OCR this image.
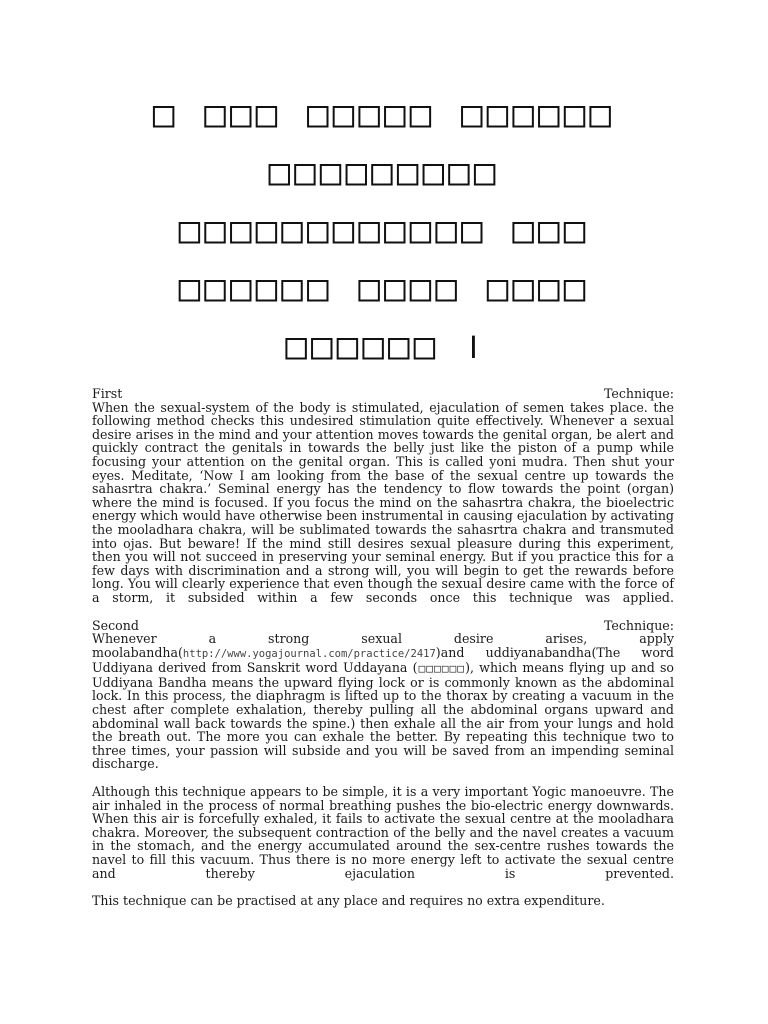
□ □□□ □□□□□ □□□□□□
□□□□□□□□□
□□□□□□□□□□□□ □□□
□□□□□□ □□□□ □□□□
□□□□□□ ।
First	Technique:

When the sexual-system of the body is stimulated, ejaculation of semen takes place. the following method checks this undesired stimulation quite effectively. Whenever a sexual desire arises in the mind and your attention moves towards the genital organ, be alert and quickly contract the genitals in towards the belly just like the piston of a pump while focusing your attention on the genital organ. This is called yoni mudra. Then shut your eyes. Meditate, ‘Now I am looking from the base of the sexual centre up towards the sahasrtra chakra.’ Seminal energy has the tendency to flow towards the point (organ) where the mind is focused. If you focus the mind on the sahasrtra chakra, the bioelectric energy which would have otherwise been instrumental in causing ejaculation by activating the mooladhara chakra, will be sublimated towards the sahasrtra chakra and transmuted into ojas. But beware! If the mind still desires sexual pleasure during this experiment, then you will not succeed in preserving your seminal energy. But if you practice this for a few days with discrimination and a strong will, you will begin to get the rewards before long. You will clearly experience that even though the sexual desire came with the force of a storm, it subsided within a few seconds once this technique was applied.

Second	Technique:

Whenever a strong sexual desire arises, apply moolabandha(http://www.yogajournal.com/practice/2417)and uddiyanabandha(The word Uddiyana derived from Sanskrit word Uddayana (□□□□□□), which means flying up and so Uddiyana Bandha means the upward flying lock or is commonly known as the abdominal lock. In this process, the diaphragm is lifted up to the thorax by creating a vacuum in the chest after complete exhalation, thereby pulling all the abdominal organs upward and abdominal wall back towards the spine.) then exhale all the air from your lungs and hold the breath out. The more you can exhale the better. By repeating this technique two to three times, your passion will subside and you will be saved from an impending seminal discharge.

Although this technique appears to be simple, it is a very important Yogic manoeuvre. The air inhaled in the process of normal breathing pushes the bio-electric energy downwards. When this air is forcefully exhaled, it fails to activate the sexual centre at the mooladhara chakra. Moreover, the subsequent contraction of the belly and the navel creates a vacuum in the stomach, and the energy accumulated around the sex-centre rushes towards the navel to fill this vacuum. Thus there is no more energy left to activate the sexual centre and thereby ejaculation is prevented.

This technique can be practised at any place and requires no extra expenditure.
